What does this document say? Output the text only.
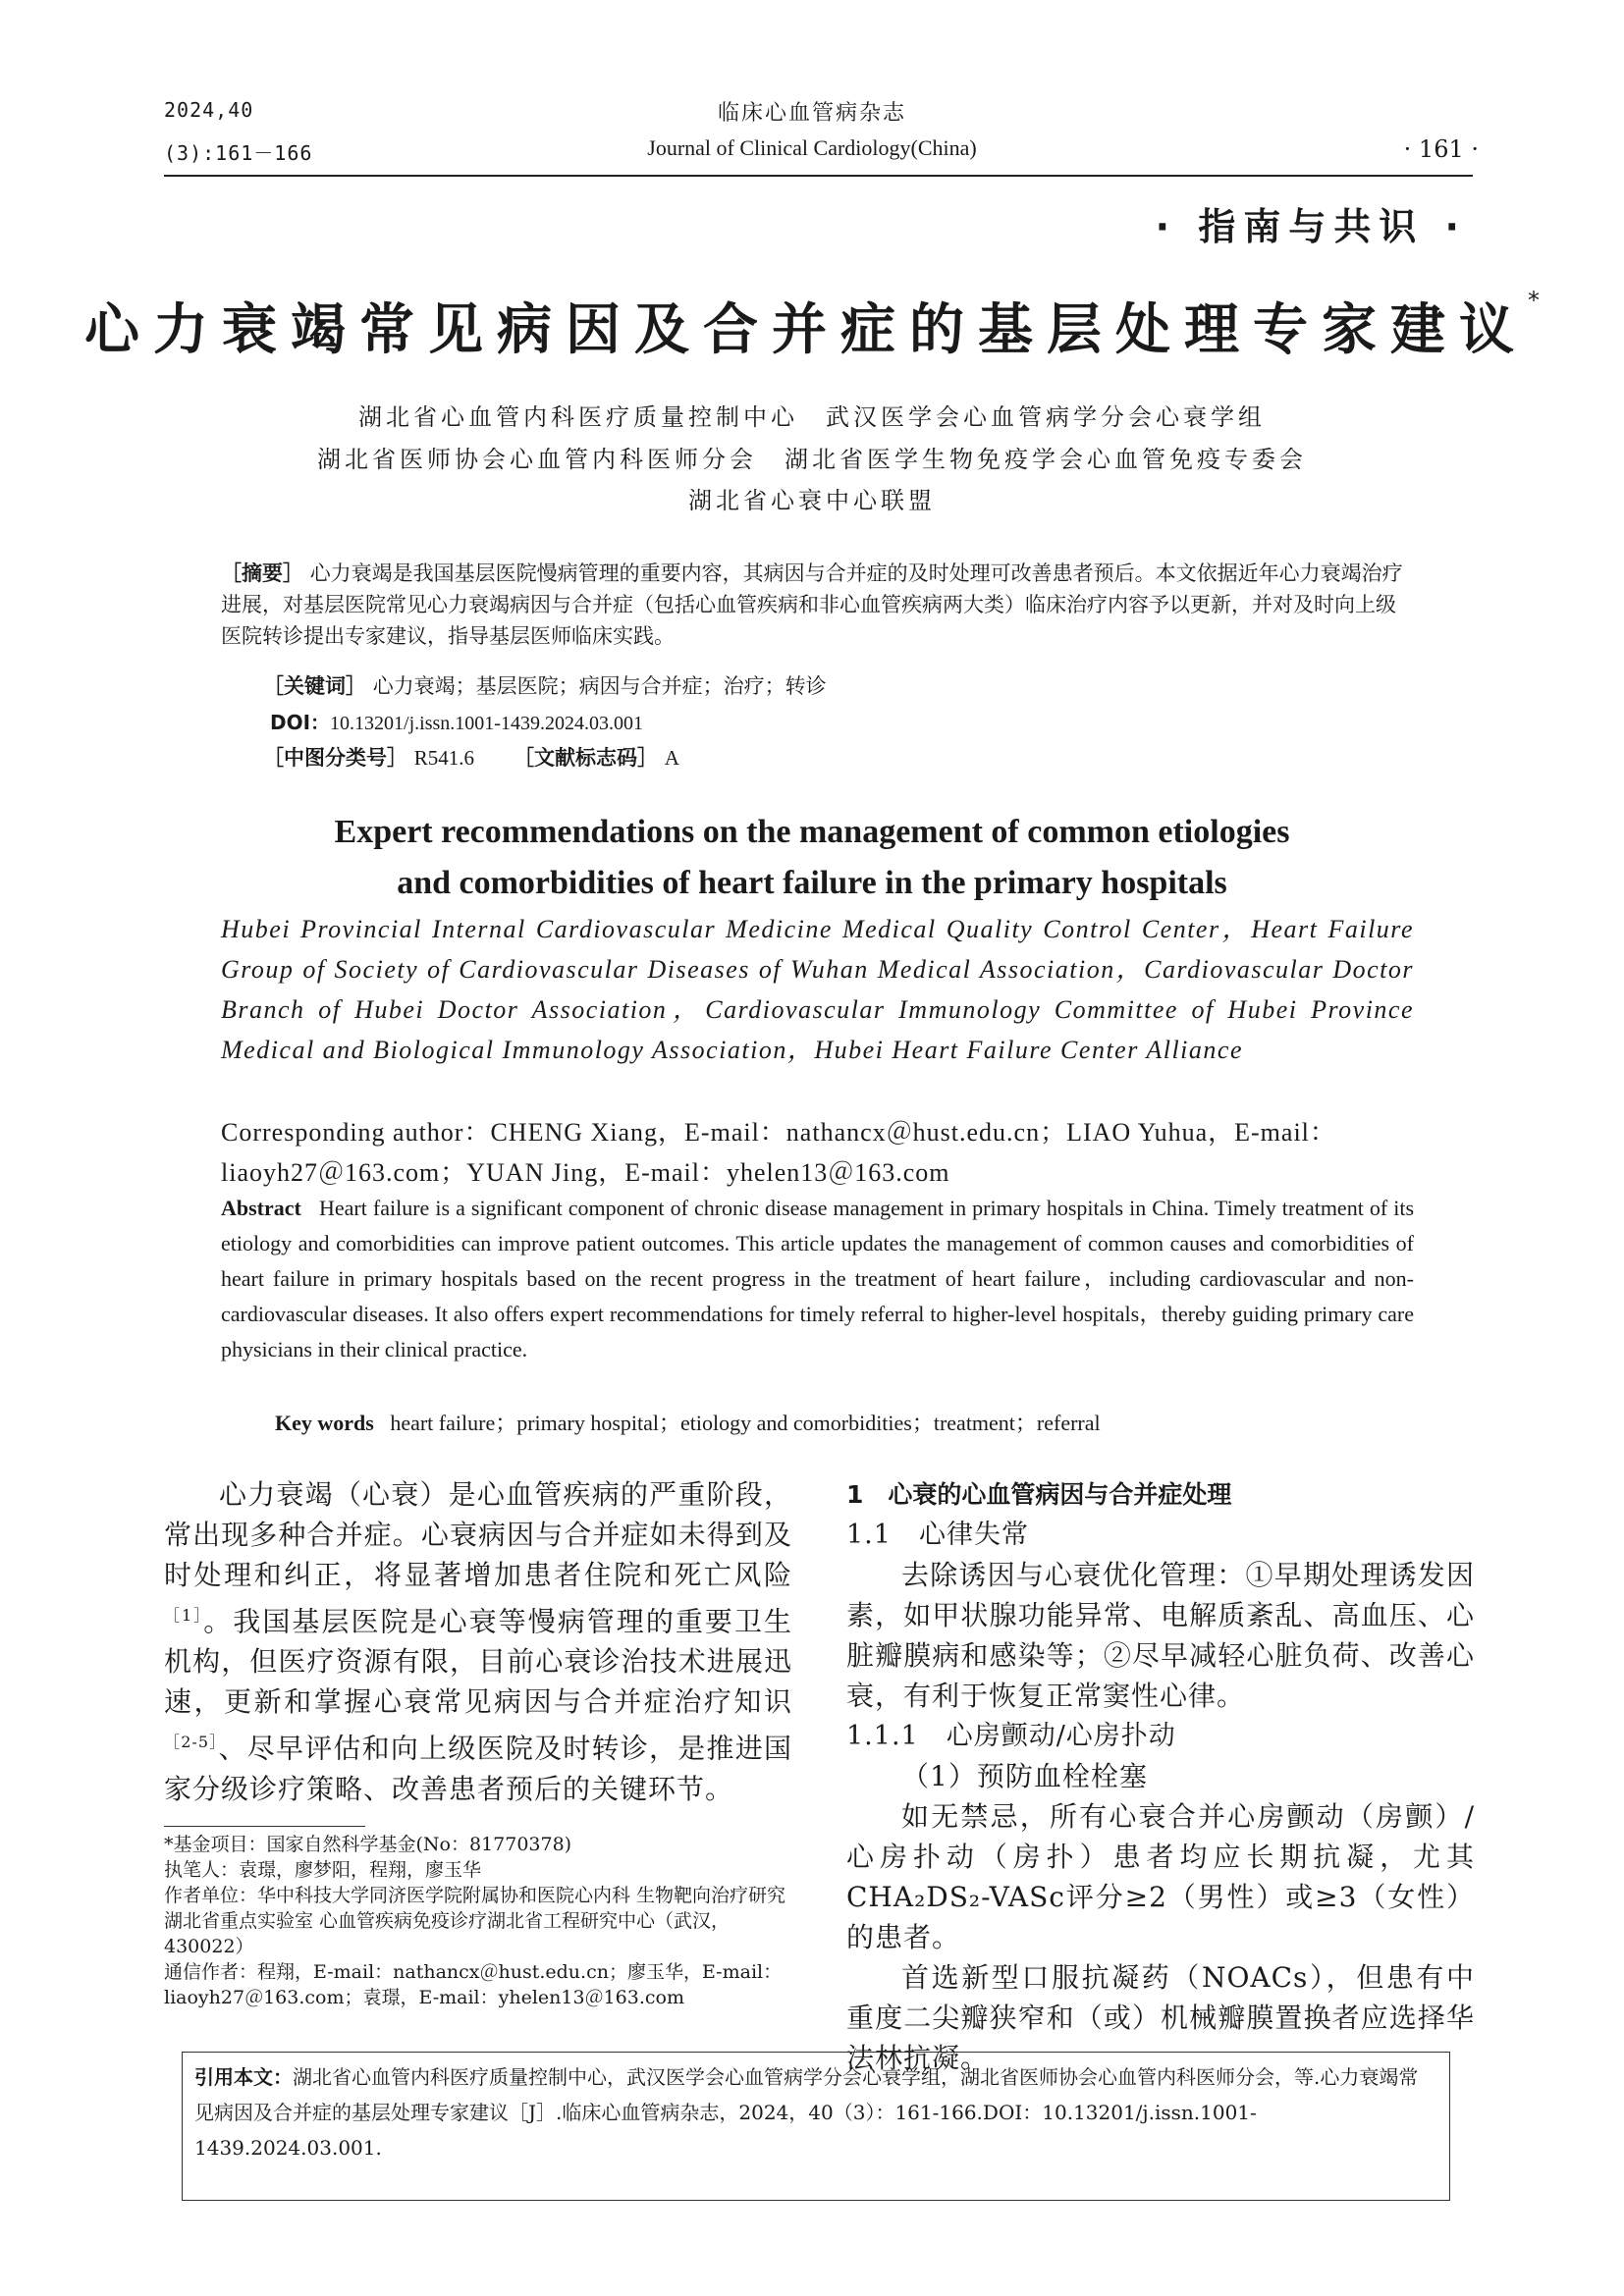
2024,40
(3):161－166
临床心血管病杂志
Journal of Clinical Cardiology(China)	· 161 ·
· 指南与共识 ·
心力衰竭常见病因及合并症的基层处理专家建议*
湖北省心血管内科医疗质量控制中心　武汉医学会心血管病学分会心衰学组
湖北省医师协会心血管内科医师分会　湖北省医学生物免疫学会心血管免疫专委会
湖北省心衰中心联盟
［摘要］ 心力衰竭是我国基层医院慢病管理的重要内容，其病因与合并症的及时处理可改善患者预后。本文依据近年心力衰竭治疗进展，对基层医院常见心力衰竭病因与合并症（包括心血管疾病和非心血管疾病两大类）临床治疗内容予以更新，并对及时向上级医院转诊提出专家建议，指导基层医师临床实践。
［关键词］ 心力衰竭；基层医院；病因与合并症；治疗；转诊
DOI：10.13201/j.issn.1001-1439.2024.03.001
［中图分类号］ R541.6 ［文献标志码］ A
Expert recommendations on the management of common etiologies
and comorbidities of heart failure in the primary hospitals
Hubei Provincial Internal Cardiovascular Medicine Medical Quality Control Center，Heart Failure Group of Society of Cardiovascular Diseases of Wuhan Medical Association，Cardiovascular Doctor Branch of Hubei Doctor Association，Cardiovascular Immunology Committee of Hubei Province Medical and Biological Immunology Association，Hubei Heart Failure Center Alliance
Corresponding author：CHENG Xiang，E-mail：nathancx＠hust.edu.cn；LIAO Yuhua，E-mail：liaoyh27＠163.com；YUAN Jing，E-mail：yhelen13＠163.com
Abstract Heart failure is a significant component of chronic disease management in primary hospitals in China. Timely treatment of its etiology and comorbidities can improve patient outcomes. This article updates the management of common causes and comorbidities of heart failure in primary hospitals based on the recent progress in the treatment of heart failure，including cardiovascular and non-cardiovascular diseases. It also offers expert recommendations for timely referral to higher-level hospitals，thereby guiding primary care physicians in their clinical practice.
Key words heart failure；primary hospital；etiology and comorbidities；treatment；referral

心力衰竭（心衰）是心血管疾病的严重阶段，常出现多种合并症。心衰病因与合并症如未得到及时处理和纠正，将显著增加患者住院和死亡风险$^{[1]}$。我国基层医院是心衰等慢病管理的重要卫生机构，但医疗资源有限，目前心衰诊治技术进展迅速，更新和掌握心衰常见病因与合并症治疗知识$^{[2-5]}$、尽早评估和向上级医院及时转诊，是推进国家分级诊疗策略、改善患者预后的关键环节。

*基金项目：国家自然科学基金(No：81770378)
执笔人：袁璟，廖梦阳，程翔，廖玉华
作者单位：华中科技大学同济医学院附属协和医院心内科 生物靶向治疗研究湖北省重点实验室 心血管疾病免疫诊疗湖北省工程研究中心（武汉，430022）
通信作者：程翔，E-mail：nathancx＠hust.edu.cn；廖玉华，E-mail：liaoyh27＠163.com；袁璟，E-mail：yhelen13＠163.com
1　心衰的心血管病因与合并症处理
1.1　心律失常

去除诱因与心衰优化管理：①早期处理诱发因素，如甲状腺功能异常、电解质紊乱、高血压、心脏瓣膜病和感染等；②尽早减轻心脏负荷、改善心衰，有利于恢复正常窦性心律。

1.1.1　心房颤动/心房扑动
（1）预防血栓栓塞

如无禁忌，所有心衰合并心房颤动（房颤）/心房扑动（房扑）患者均应长期抗凝，尤其CHA₂DS₂-VASc评分≥2（男性）或≥3（女性）的患者。

首选新型口服抗凝药（NOACs），但患有中重度二尖瓣狭窄和（或）机械瓣膜置换者应选择华法林抗凝。

引用本文：湖北省心血管内科医疗质量控制中心，武汉医学会心血管病学分会心衰学组，湖北省医师协会心血管内科医师分会，等.心力衰竭常见病因及合并症的基层处理专家建议［J］.临床心血管病杂志，2024，40（3）：161-166.DOI：10.13201/j.issn.1001-1439.2024.03.001.
